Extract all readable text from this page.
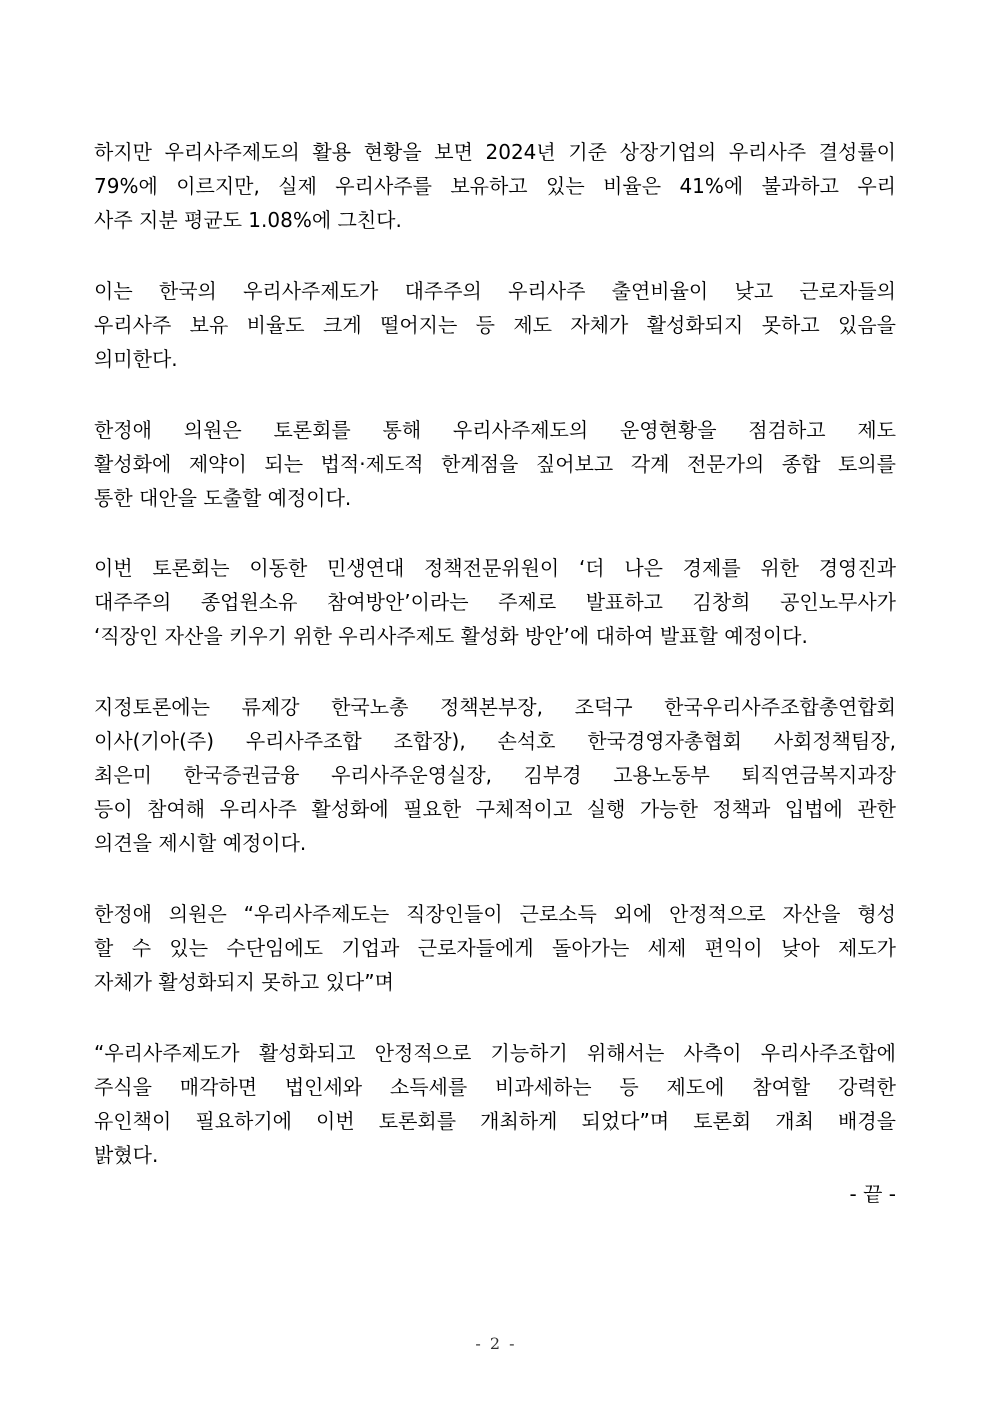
하지만 우리사주제도의 활용 현황을 보면 2024년 기준 상장기업의 우리사주 결성률이
79%에 이르지만, 실제 우리사주를 보유하고 있는 비율은 41%에 불과하고 우리
사주 지분 평균도 1.08%에 그친다.
이는 한국의 우리사주제도가 대주주의 우리사주 출연비율이 낮고 근로자들의
우리사주 보유 비율도 크게 떨어지는 등 제도 자체가 활성화되지 못하고 있음을
의미한다.
한정애 의원은 토론회를 통해 우리사주제도의 운영현황을 점검하고 제도
활성화에 제약이 되는 법적·제도적 한계점을 짚어보고 각계 전문가의 종합 토의를
통한 대안을 도출할 예정이다.
이번 토론회는 이동한 민생연대 정책전문위원이 ‘더 나은 경제를 위한 경영진과
대주주의 종업원소유 참여방안’이라는 주제로 발표하고 김창희 공인노무사가
‘직장인 자산을 키우기 위한 우리사주제도 활성화 방안’에 대하여 발표할 예정이다.
지정토론에는 류제강 한국노총 정책본부장, 조덕구 한국우리사주조합총연합회
이사(기아(주) 우리사주조합 조합장), 손석호 한국경영자총협회 사회정책팀장,
최은미 한국증권금융 우리사주운영실장, 김부경 고용노동부 퇴직연금복지과장
등이 참여해 우리사주 활성화에 필요한 구체적이고 실행 가능한 정책과 입법에 관한
의견을 제시할 예정이다.
한정애 의원은 “우리사주제도는 직장인들이 근로소득 외에 안정적으로 자산을 형성
할 수 있는 수단임에도 기업과 근로자들에게 돌아가는 세제 편익이 낮아 제도가
자체가 활성화되지 못하고 있다”며
“우리사주제도가 활성화되고 안정적으로 기능하기 위해서는 사측이 우리사주조합에
주식을 매각하면 법인세와 소득세를 비과세하는 등 제도에 참여할 강력한
유인책이 필요하기에 이번 토론회를 개최하게 되었다”며 토론회 개최 배경을
밝혔다.
- 끝 -
- 2 -
